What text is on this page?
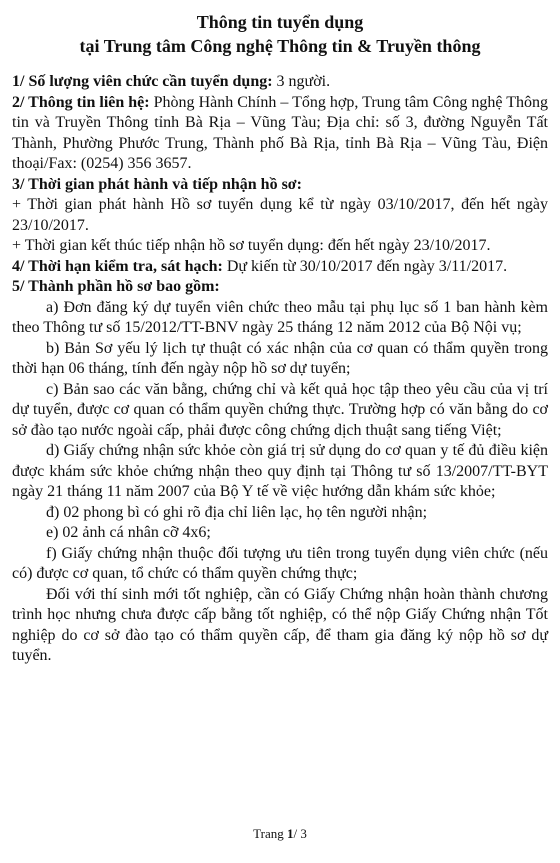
Thông tin tuyển dụng

tại Trung tâm Công nghệ Thông tin & Truyền thông

1/ Số lượng viên chức cần tuyển dụng: 3 người.

2/ Thông tin liên hệ: Phòng Hành Chính – Tổng hợp, Trung tâm Công nghệ Thông tin và Truyền Thông tỉnh Bà Rịa – Vũng Tàu; Địa chỉ: số 3, đường Nguyễn Tất Thành, Phường Phước Trung, Thành phố Bà Rịa, tỉnh Bà Rịa – Vũng Tàu, Điện thoại/Fax: (0254) 356 3657.

3/ Thời gian phát hành và tiếp nhận hồ sơ:

+ Thời gian phát hành Hồ sơ tuyển dụng kể từ ngày 03/10/2017, đến hết ngày 23/10/2017.

+ Thời gian kết thúc tiếp nhận hồ sơ tuyển dụng: đến hết ngày 23/10/2017.

4/ Thời hạn kiểm tra, sát hạch: Dự kiến từ 30/10/2017 đến ngày 3/11/2017.

5/ Thành phần hồ sơ bao gồm:

a) Đơn đăng ký dự tuyển viên chức theo mẫu tại phụ lục số 1 ban hành kèm theo Thông tư số 15/2012/TT-BNV ngày 25 tháng 12 năm 2012 của Bộ Nội vụ;

b) Bản Sơ yếu lý lịch tự thuật có xác nhận của cơ quan có thẩm quyền trong thời hạn 06 tháng, tính đến ngày nộp hồ sơ dự tuyển;

c) Bản sao các văn bằng, chứng chỉ và kết quả học tập theo yêu cầu của vị trí dự tuyển, được cơ quan có thẩm quyền chứng thực. Trường hợp có văn bằng do cơ sở đào tạo nước ngoài cấp, phải được công chứng dịch thuật sang tiếng Việt;

d) Giấy chứng nhận sức khỏe còn giá trị sử dụng do cơ quan y tế đủ điều kiện được khám sức khỏe chứng nhận theo quy định tại Thông tư số 13/2007/TT-BYT ngày 21 tháng 11 năm 2007 của Bộ Y tế về việc hướng dẫn khám sức khỏe;

đ) 02 phong bì có ghi rõ địa chỉ liên lạc, họ tên người nhận;

e) 02 ảnh cá nhân cỡ 4x6;

f) Giấy chứng nhận thuộc đối tượng ưu tiên trong tuyển dụng viên chức (nếu có) được cơ quan, tổ chức có thẩm quyền chứng thực;

Đối với thí sinh mới tốt nghiệp, cần có Giấy Chứng nhận hoàn thành chương trình học nhưng chưa được cấp bằng tốt nghiệp, có thể nộp Giấy Chứng nhận Tốt nghiệp do cơ sở đào tạo có thẩm quyền cấp, để tham gia đăng ký nộp hồ sơ dự tuyển.

Trang 1/ 3
